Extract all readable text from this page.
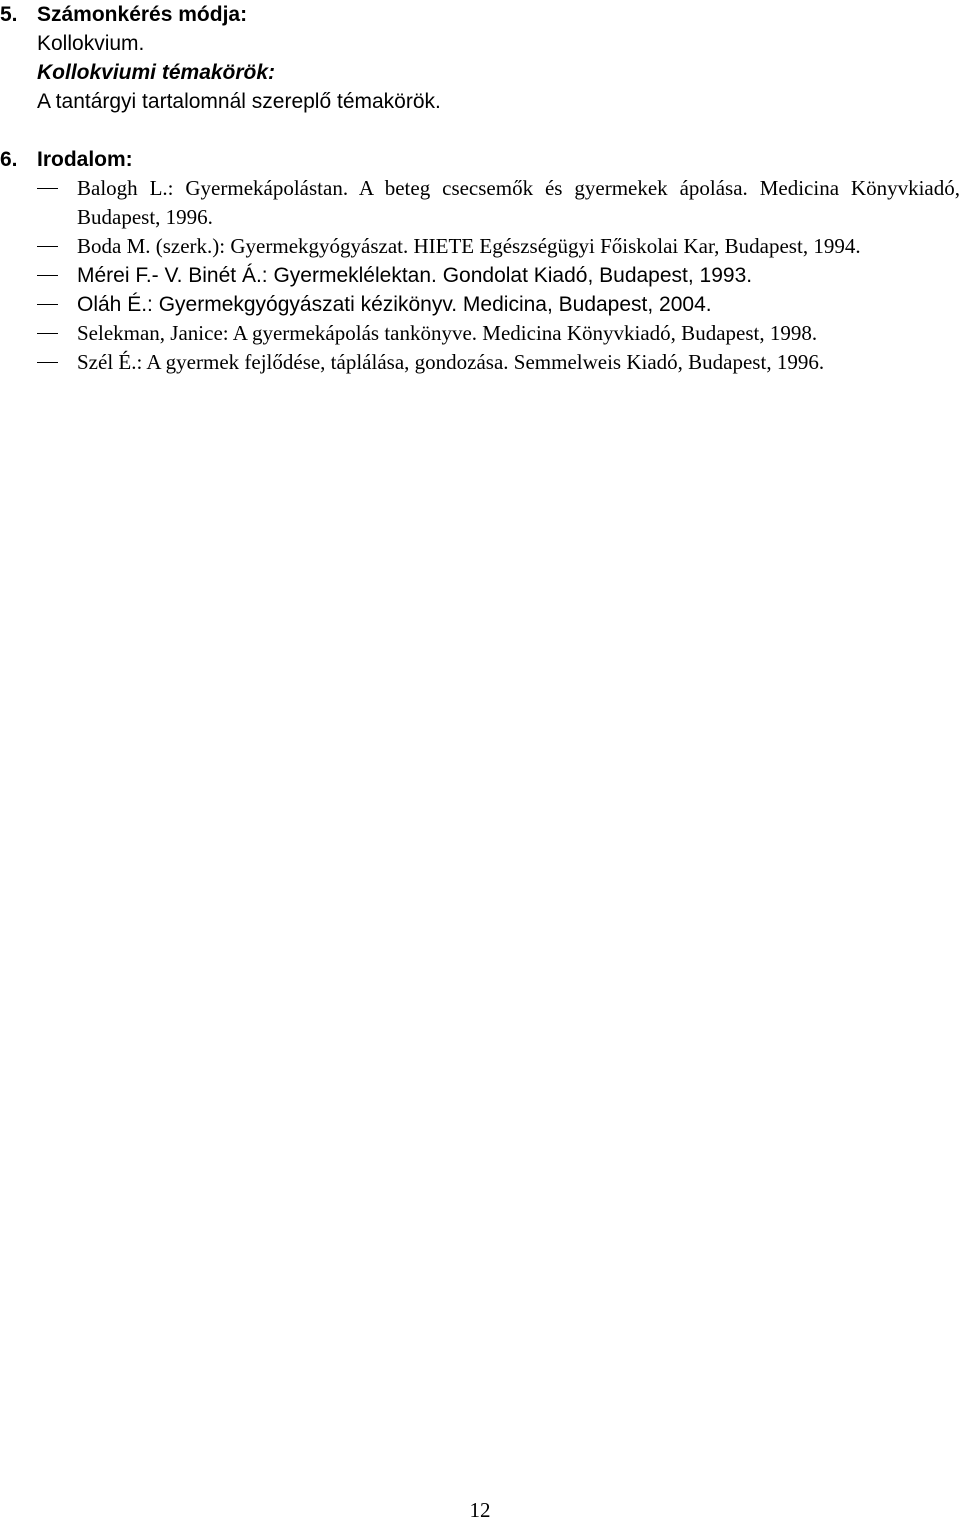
5. Számonkérés módja:
Kollokvium.
Kollokviumi témakörök:
A tantárgyi tartalomnál szereplő témakörök.
6. Irodalom:
Balogh L.: Gyermekápolástan. A beteg csecsemők és gyermekek ápolása. Medicina Könyvkiadó, Budapest, 1996.
Boda M. (szerk.): Gyermekgyógyászat. HIETE Egészségügyi Főiskolai Kar, Budapest, 1994.
Mérei F.- V. Binét Á.: Gyermeklélektan. Gondolat Kiadó, Budapest, 1993.
Oláh É.: Gyermekgyógyászati kézikönyv. Medicina, Budapest, 2004.
Selekman, Janice: A gyermekápolás tankönyve. Medicina Könyvkiadó, Budapest, 1998.
Szél É.: A gyermek fejlődése, táplálása, gondozása. Semmelweis Kiadó, Budapest, 1996.
12
